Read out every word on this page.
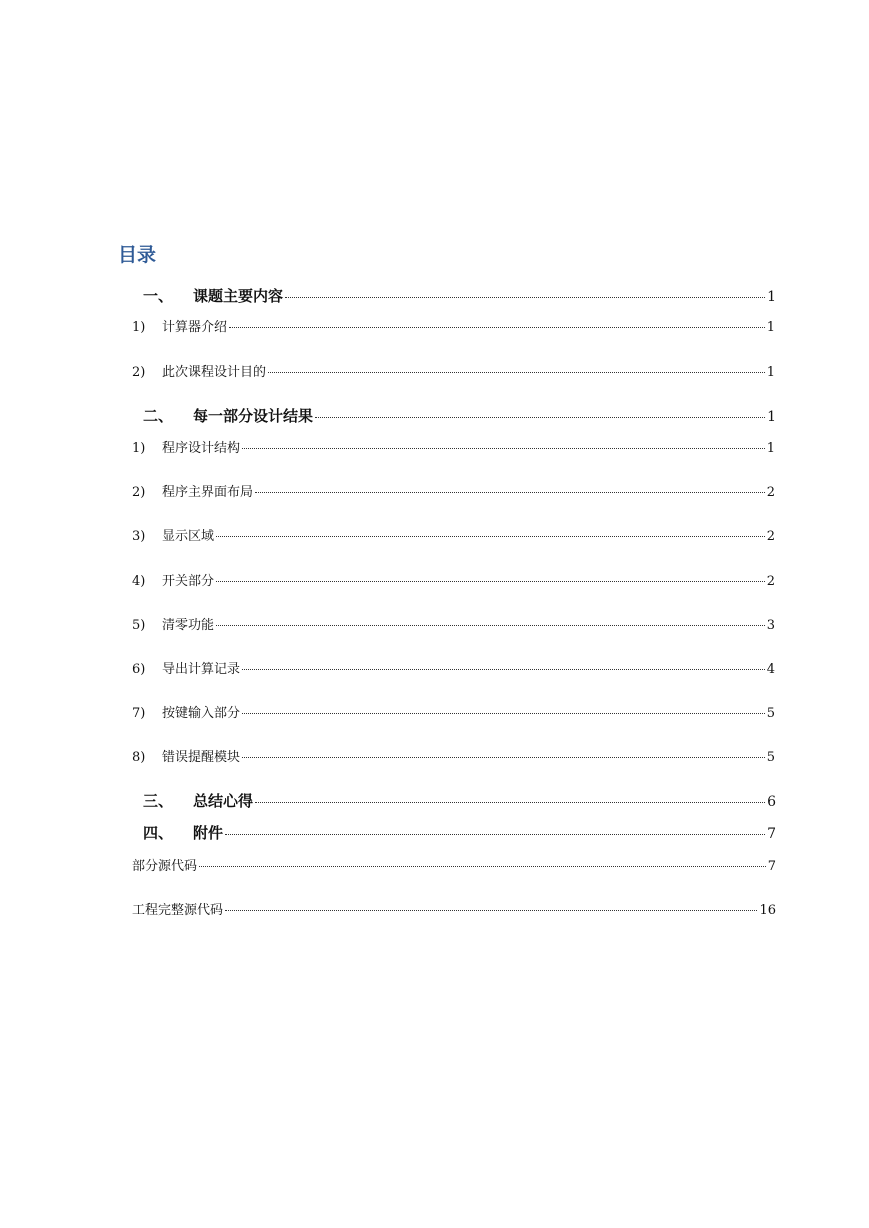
目录
一、	课题主要内容	1
1)	计算器介绍	1
2)	此次课程设计目的	1
二、	每一部分设计结果	1
1)	程序设计结构	1
2)	程序主界面布局	2
3)	显示区域	2
4)	开关部分	2
5)	清零功能	3
6)	导出计算记录	4
7)	按键输入部分	5
8)	错误提醒模块	5
三、	总结心得	6
四、	附件	7
部分源代码	7
工程完整源代码	16
